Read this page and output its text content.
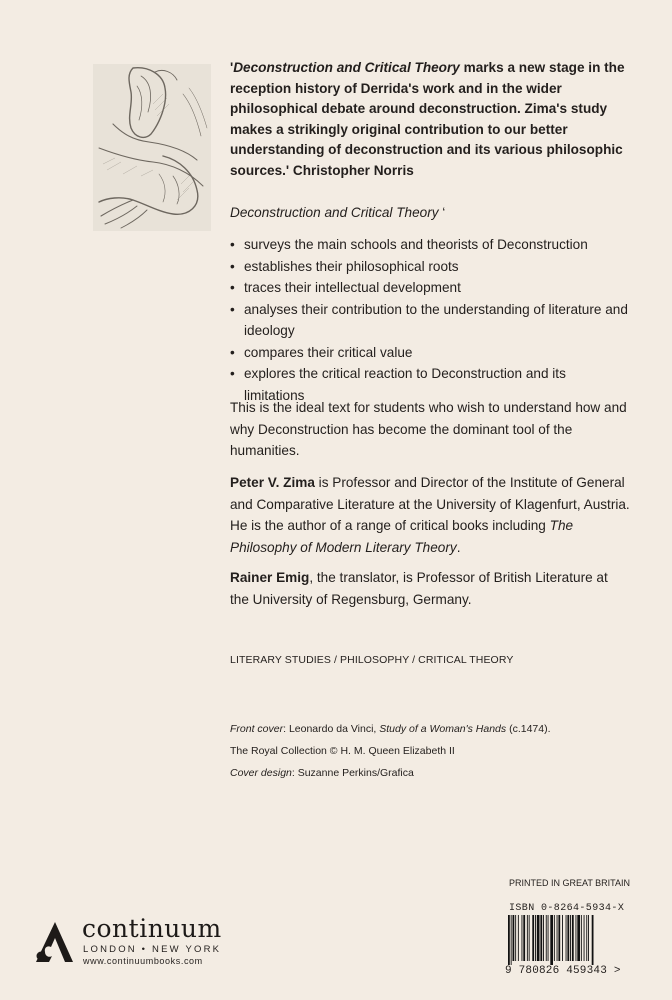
'Deconstruction and Critical Theory marks a new stage in the reception history of Derrida's work and in the wider philosophical debate around deconstruction. Zima's study makes a strikingly original contribution to our better understanding of deconstruction and its various philosophic sources.' Christopher Norris

Deconstruction and Critical Theory ‘

• surveys the main schools and theorists of Deconstruction
• establishes their philosophical roots
• traces their intellectual development
• analyses their contribution to the understanding of literature and ideology
• compares their critical value
• explores the critical reaction to Deconstruction and its limitations

This is the ideal text for students who wish to understand how and why Deconstruction has become the dominant tool of the humanities.

Peter V. Zima is Professor and Director of the Institute of General and Comparative Literature at the University of Klagenfurt, Austria. He is the author of a range of critical books including The Philosophy of Modern Literary Theory.

Rainer Emig, the translator, is Professor of British Literature at the University of Regensburg, Germany.

LITERARY STUDIES / PHILOSOPHY / CRITICAL THEORY

Front cover: Leonardo da Vinci, Study of a Woman's Hands (c.1474).
The Royal Collection © H. M. Queen Elizabeth II
Cover design: Suzanne Perkins/Grafica

PRINTED IN GREAT BRITAIN

ISBN 0-8264-5934-X

9 780826 459343 >
continuum
LONDON • NEW YORK
www.continuumbooks.com
